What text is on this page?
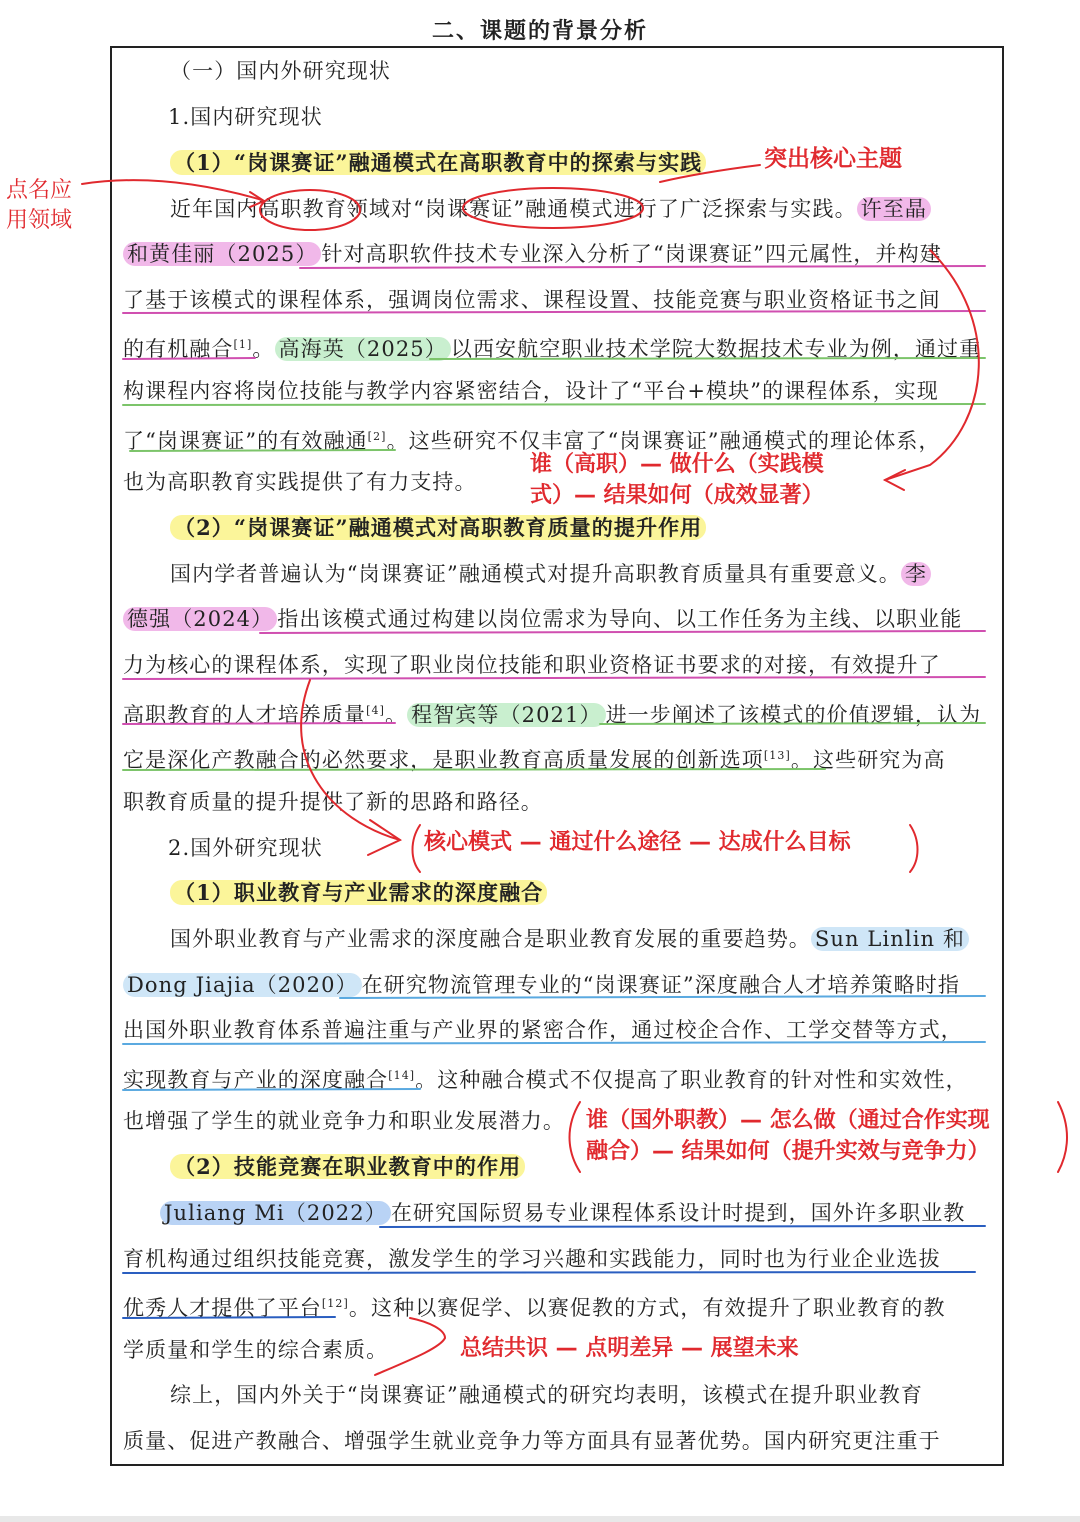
二、课题的背景分析
（一）国内外研究现状
1.国内研究现状
（1）“岗课赛证”融通模式在高职教育中的探索与实践
近年国内高职教育领域对“岗课赛证”融通模式进行了广泛探索与实践。 许至晶
和黄佳丽（2025） 针对高职软件技术专业深入分析了“岗课赛证”四元属性，并构建
了基于该模式的课程体系，强调岗位需求、课程设置、技能竞赛与职业资格证书之间
的有机融合[1]。 高海英（2025） 以西安航空职业技术学院大数据技术专业为例，通过重
构课程内容将岗位技能与教学内容紧密结合，设计了“平台+模块”的课程体系，实现
了“岗课赛证”的有效融通[2]。这些研究不仅丰富了“岗课赛证”融通模式的理论体系，
也为高职教育实践提供了有力支持。
（2）“岗课赛证”融通模式对高职教育质量的提升作用
国内学者普遍认为“岗课赛证”融通模式对提升高职教育质量具有重要意义。 李
德强（2024） 指出该模式通过构建以岗位需求为导向、以工作任务为主线、以职业能
力为核心的课程体系，实现了职业岗位技能和职业资格证书要求的对接，有效提升了
高职教育的人才培养质量[4]。 程智宾等（2021） 进一步阐述了该模式的价值逻辑，认为
它是深化产教融合的必然要求，是职业教育高质量发展的创新选项[13]。这些研究为高
职教育质量的提升提供了新的思路和路径。
2.国外研究现状
（1）职业教育与产业需求的深度融合
国外职业教育与产业需求的深度融合是职业教育发展的重要趋势。 Sun Linlin 和
Dong Jiajia（2020） 在研究物流管理专业的“岗课赛证”深度融合人才培养策略时指
出国外职业教育体系普遍注重与产业界的紧密合作，通过校企合作、工学交替等方式，
实现教育与产业的深度融合[14]。这种融合模式不仅提高了职业教育的针对性和实效性，
也增强了学生的就业竞争力和职业发展潜力。
（2）技能竞赛在职业教育中的作用
Juliang Mi（2022） 在研究国际贸易专业课程体系设计时提到，国外许多职业教
育机构通过组织技能竞赛，激发学生的学习兴趣和实践能力，同时也为行业企业选拔
优秀人才提供了平台[12]。这种以赛促学、以赛促教的方式，有效提升了职业教育的教
学质量和学生的综合素质。
综上，国内外关于“岗课赛证”融通模式的研究均表明，该模式在提升职业教育
质量、促进产教融合、增强学生就业竞争力等方面具有显著优势。国内研究更注重于
点名应
用领域
突出核心主题
谁（高职）— 做什么（实践模
式）— 结果如何（成效显著）
核心模式 — 通过什么途径 — 达成什么目标
谁（国外职教）— 怎么做（通过合作实现
融合）— 结果如何（提升实效与竞争力）
总结共识 — 点明差异 — 展望未来
